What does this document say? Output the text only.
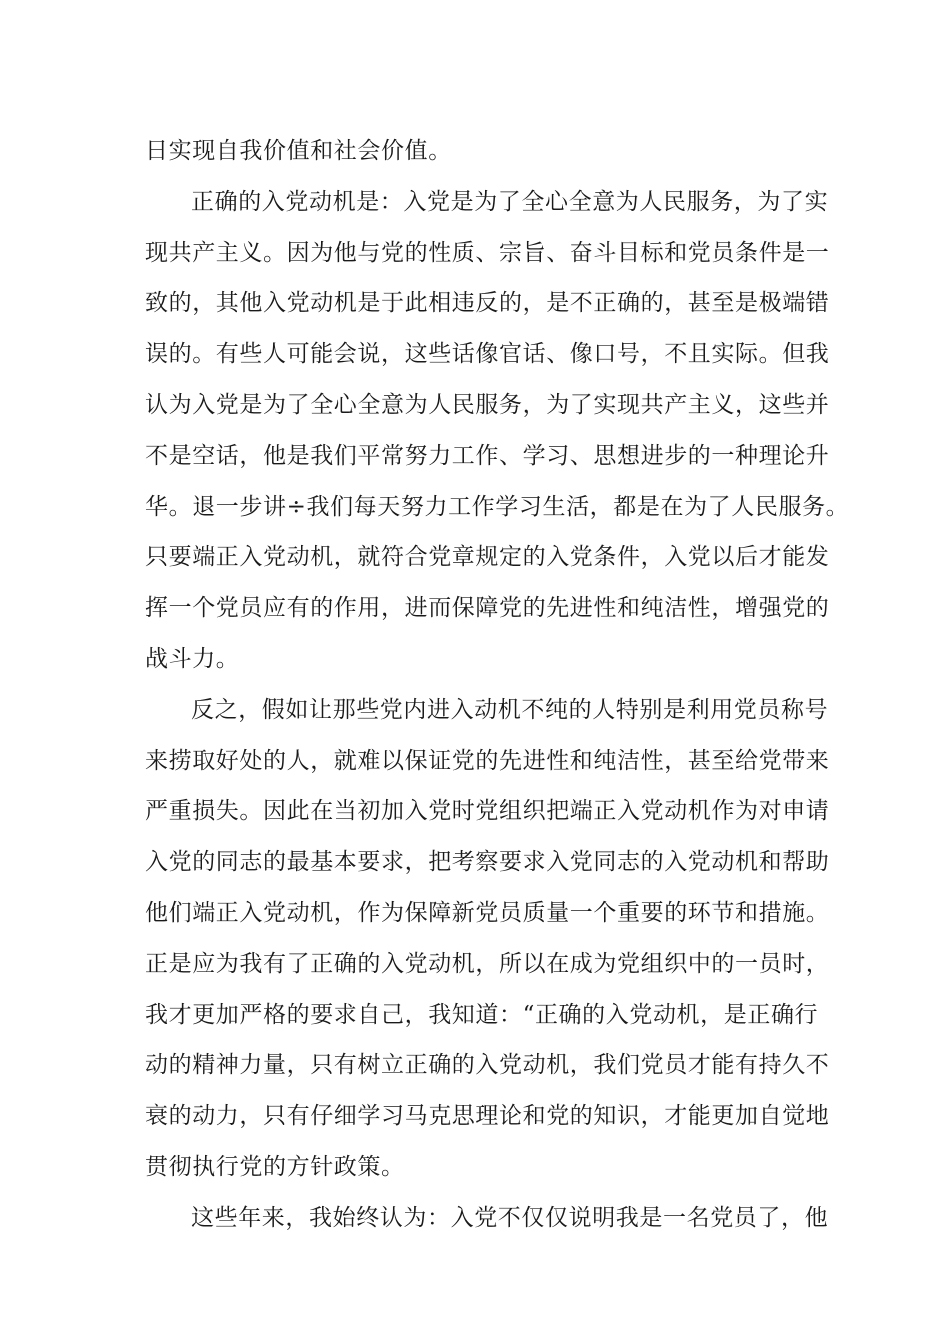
日实现自我价值和社会价值。
正确的入党动机是：入党是为了全心全意为人民服务，为了实
现共产主义。因为他与党的性质、宗旨、奋斗目标和党员条件是一
致的，其他入党动机是于此相违反的，是不正确的，甚至是极端错
误的。有些人可能会说，这些话像官话、像口号，不且实际。但我
认为入党是为了全心全意为人民服务，为了实现共产主义，这些并
不是空话，他是我们平常努力工作、学习、思想进步的一种理论升
华。退一步讲÷我们每天努力工作学习生活，都是在为了人民服务。
只要端正入党动机，就符合党章规定的入党条件，入党以后才能发
挥一个党员应有的作用，进而保障党的先进性和纯洁性，增强党的
战斗力。
反之，假如让那些党内进入动机不纯的人特别是利用党员称号
来捞取好处的人，就难以保证党的先进性和纯洁性，甚至给党带来
严重损失。因此在当初加入党时党组织把端正入党动机作为对申请
入党的同志的最基本要求，把考察要求入党同志的入党动机和帮助
他们端正入党动机，作为保障新党员质量一个重要的环节和措施。
正是应为我有了正确的入党动机，所以在成为党组织中的一员时，
我才更加严格的要求自己，我知道：“正确的入党动机，是正确行
动的精神力量，只有树立正确的入党动机，我们党员才能有持久不
衰的动力，只有仔细学习马克思理论和党的知识，才能更加自觉地
贯彻执行党的方针政策。
这些年来，我始终认为：入党不仅仅说明我是一名党员了，他
